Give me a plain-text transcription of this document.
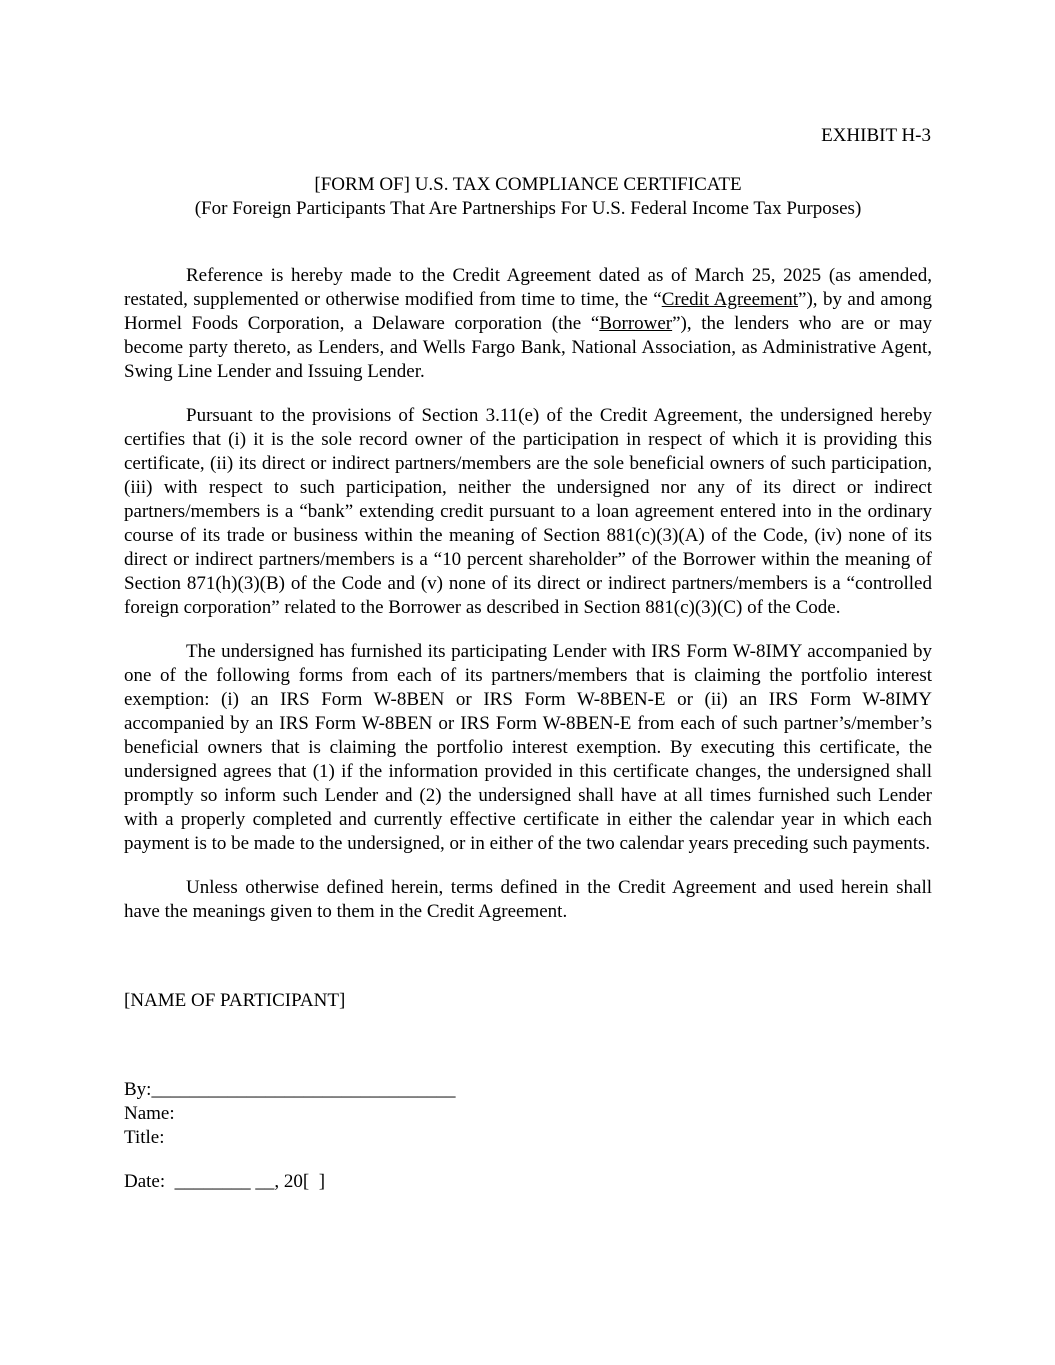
EXHIBIT H-3
[FORM OF] U.S. TAX COMPLIANCE CERTIFICATE
(For Foreign Participants That Are Partnerships For U.S. Federal Income Tax Purposes)

Reference is hereby made to the Credit Agreement dated as of March 25, 2025 (as amended, restated, supplemented or otherwise modified from time to time, the “Credit Agreement”), by and among Hormel Foods Corporation, a Delaware corporation (the “Borrower”), the lenders who are or may become party thereto, as Lenders, and Wells Fargo Bank, National Association, as Administrative Agent, Swing Line Lender and Issuing Lender.

Pursuant to the provisions of Section 3.11(e) of the Credit Agreement, the undersigned hereby certifies that (i) it is the sole record owner of the participation in respect of which it is providing this certificate, (ii) its direct or indirect partners/members are the sole beneficial owners of such participation, (iii) with respect to such participation, neither the undersigned nor any of its direct or indirect partners/members is a “bank” extending credit pursuant to a loan agreement entered into in the ordinary course of its trade or business within the meaning of Section 881(c)(3)(A) of the Code, (iv) none of its direct or indirect partners/members is a “10 percent shareholder” of the Borrower within the meaning of Section 871(h)(3)(B) of the Code and (v) none of its direct or indirect partners/members is a “controlled foreign corporation” related to the Borrower as described in Section 881(c)(3)(C) of the Code.

The undersigned has furnished its participating Lender with IRS Form W-8IMY accompanied by one of the following forms from each of its partners/members that is claiming the portfolio interest exemption: (i) an IRS Form W-8BEN or IRS Form W-8BEN-E or (ii) an IRS Form W-8IMY accompanied by an IRS Form W-8BEN or IRS Form W-8BEN-E from each of such partner’s/member’s beneficial owners that is claiming the portfolio interest exemption. By executing this certificate, the undersigned agrees that (1) if the information provided in this certificate changes, the undersigned shall promptly so inform such Lender and (2) the undersigned shall have at all times furnished such Lender with a properly completed and currently effective certificate in either the calendar year in which each payment is to be made to the undersigned, or in either of the two calendar years preceding such payments.

Unless otherwise defined herein, terms defined in the Credit Agreement and used herein shall have the meanings given to them in the Credit Agreement.

[NAME OF PARTICIPANT]
By:________________________________
Name:
Title:
Date:  ________ __, 20[  ]
